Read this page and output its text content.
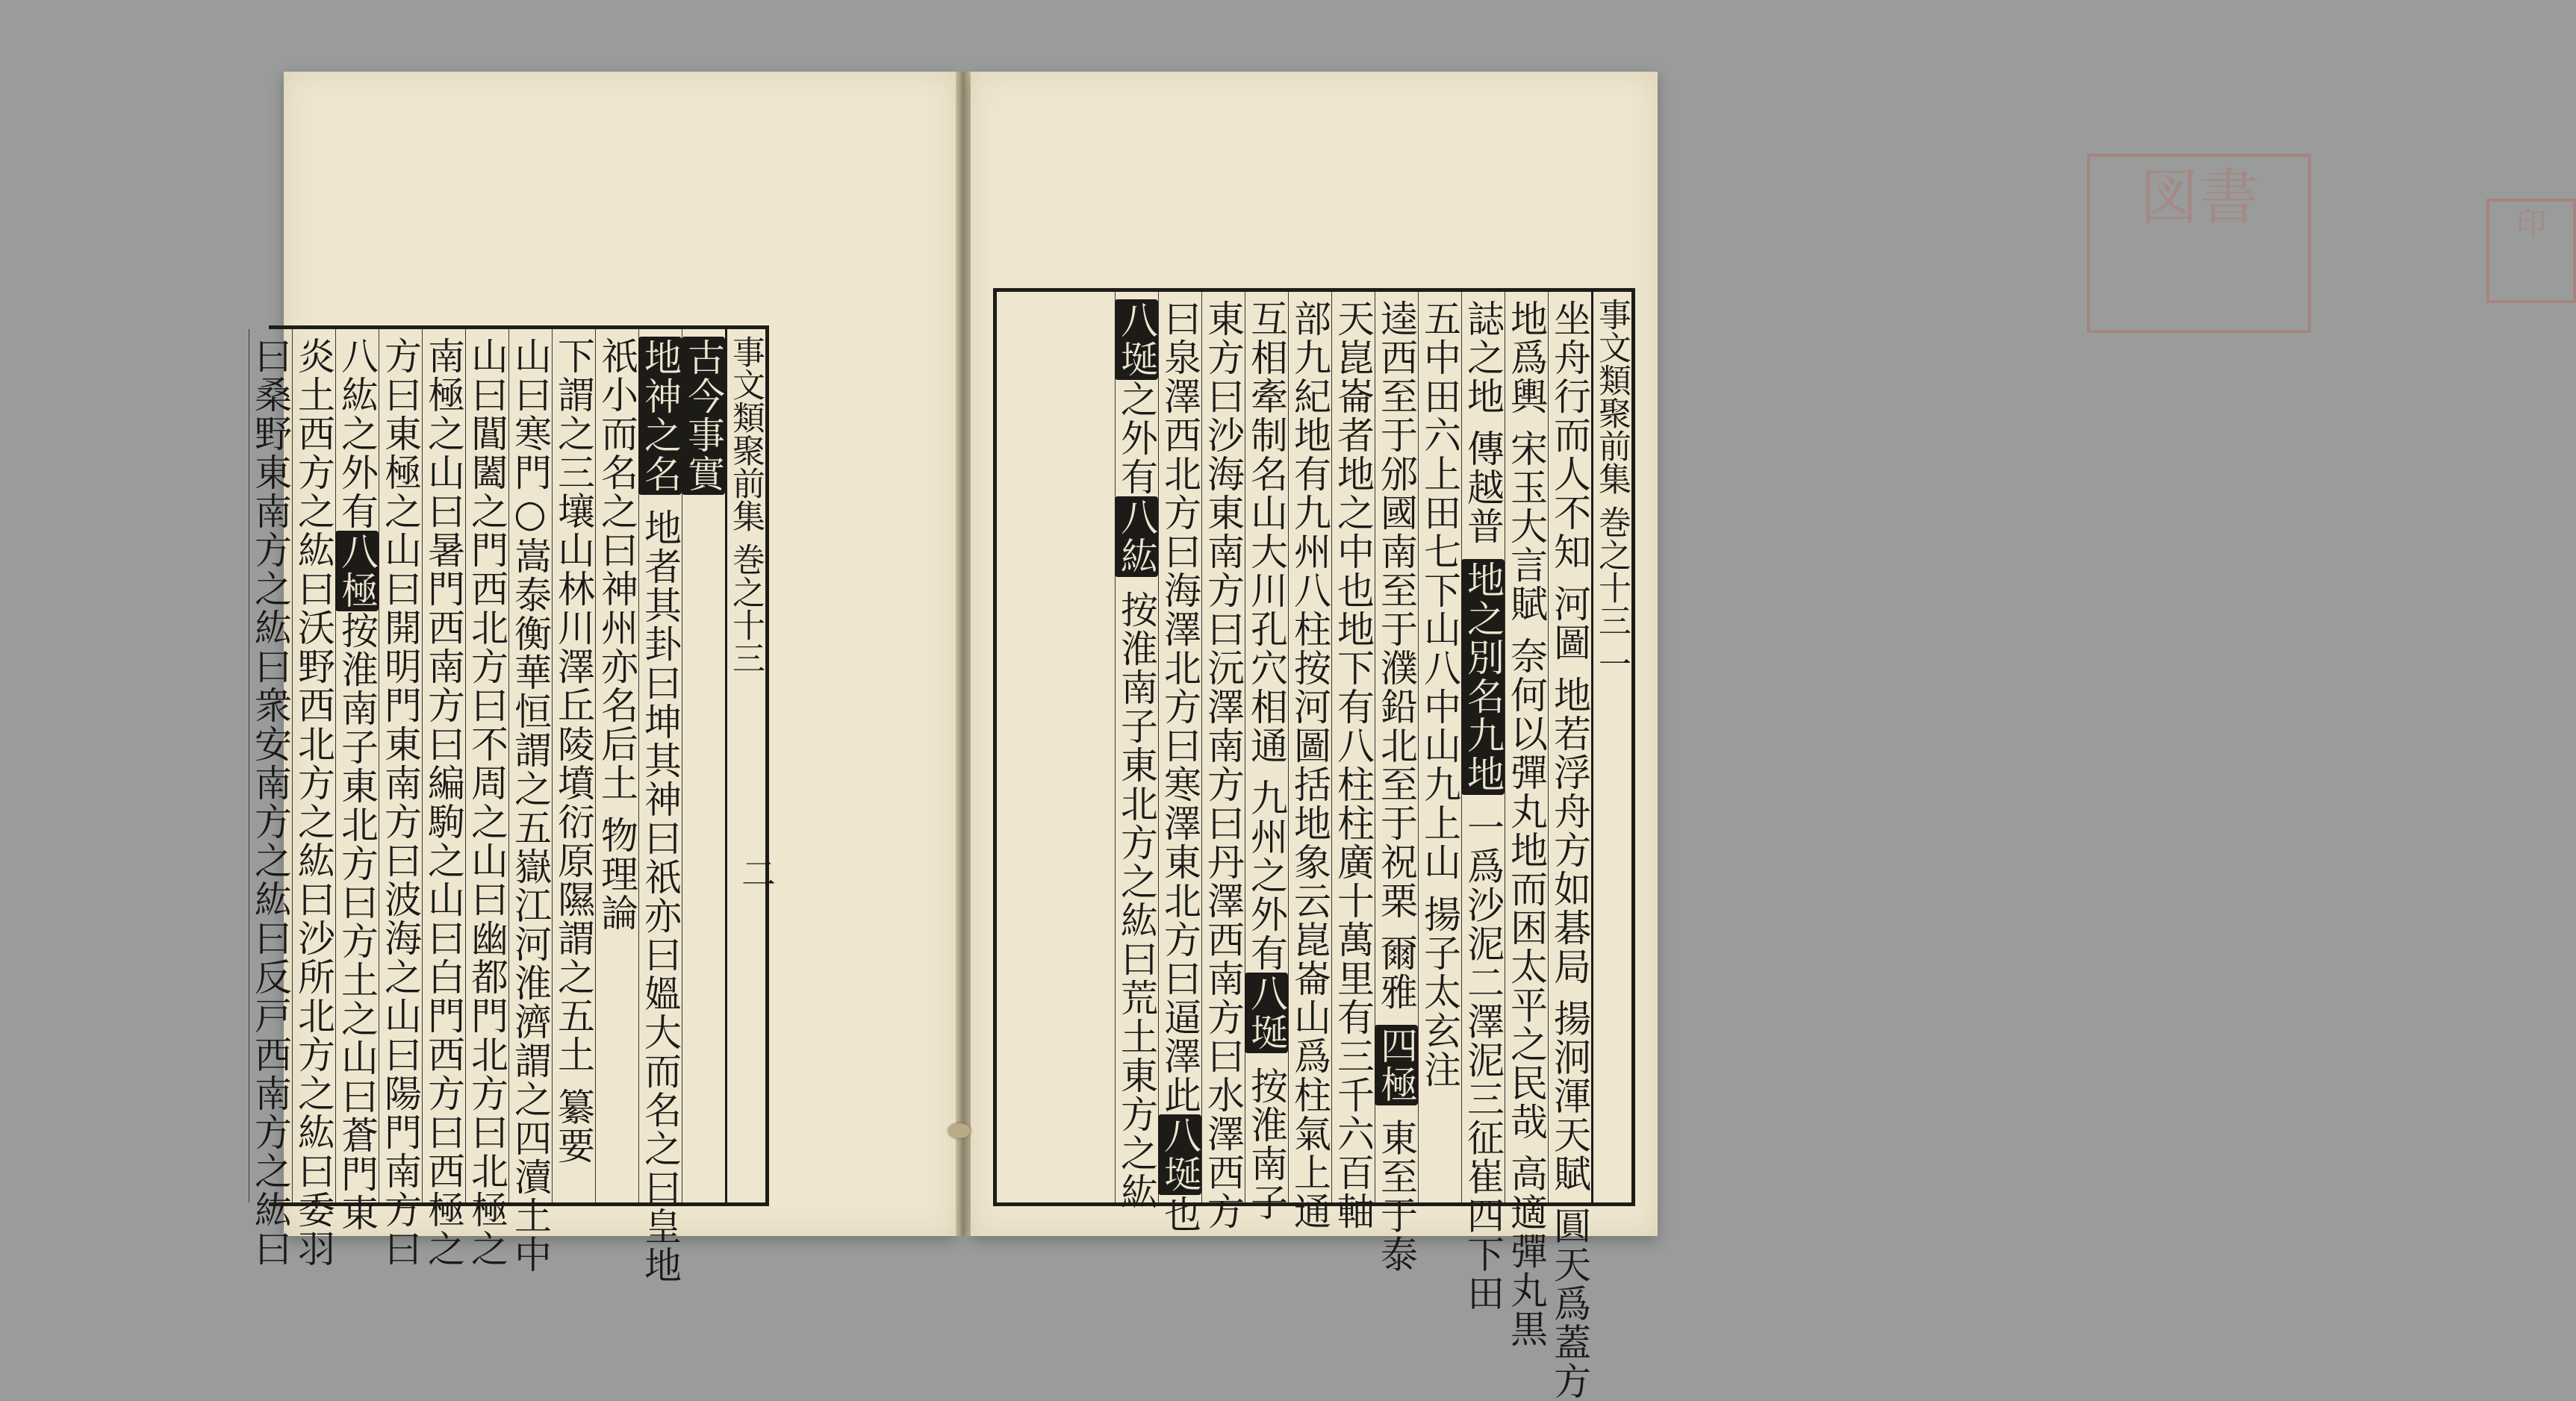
事文類聚前集 巻之十三
古今事實
地神之名 地者其卦曰坤其神曰祇亦曰媼大而名之曰皇地
祇小而名之曰神州亦名后土 物理論
下謂之三壤山林川澤丘陵墳衍原隰謂之五土 纂要
山曰寒門○嵩泰衡華恒謂之五嶽江河淮濟謂之四瀆土中
山曰閶闔之門西北方曰不周之山曰幽都門北方曰北極之
南極之山曰暑門西南方曰編駒之山曰白門西方曰西極之
方曰東極之山曰開明門東南方曰波海之山曰陽門南方曰
八紘之外有八極按淮南子東北方曰方土之山曰蒼門東
炎土西方之紘曰沃野西北方之紘曰沙所北方之紘曰委羽
曰桑野東南方之紘曰衆安南方之紘曰反戸西南方之紘曰	二
図書	印
事文類聚前集 巻之十三 一
坐舟行而人不知 河圖 地若浮舟方如碁局 揚泂渾天賦 圓天爲蓋方
地爲輿 宋玉大言賦 奈何以彈丸地而困太平之民哉 高適彈丸黒
誌之地 傳越普 地之別名九地 一爲沙泥二澤泥三征崔四下田
五中田六上田七下山八中山九上山 揚子太玄注
逵西至于邠國南至于濮鉛北至于祝栗 爾雅 四極 東至于泰
天崑崙者地之中也地下有八柱柱廣十萬里有三千六百軸
部九紀地有九州八柱按河圖括地象云崑崙山爲柱氣上通
互相牽制名山大川孔穴相通 九州之外有八埏 按淮南子
東方曰沙海東南方曰沅澤南方曰丹澤西南方曰水澤西方
曰泉澤西北方曰海澤北方曰寒澤東北方曰逼澤此八埏也
八埏之外有八紘 按淮南子東北方之紘曰荒土東方之紘
